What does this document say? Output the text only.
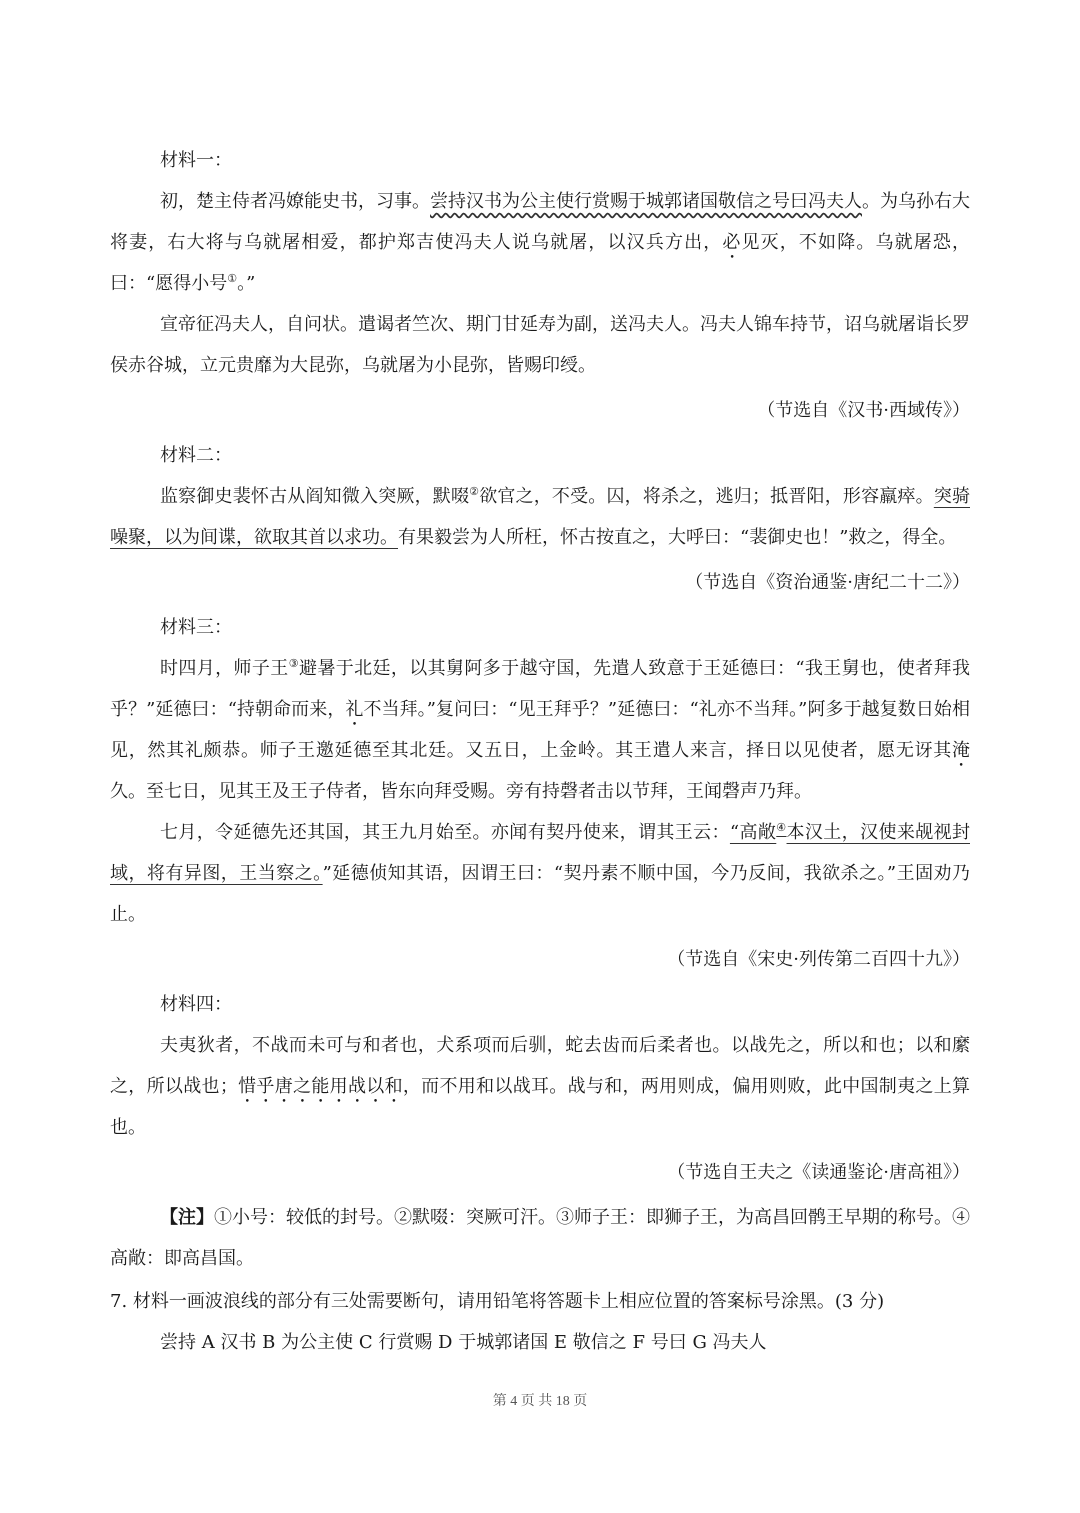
材料一：

初，楚主侍者冯嫽能史书，习事。尝持汉书为公主使行赏赐于城郭诸国敬信之号曰冯夫人。为乌孙右大将妻，右大将与乌就屠相爱，都护郑吉使冯夫人说乌就屠，以汉兵方出，必见灭，不如降。乌就屠恐，曰：“愿得小号①。”

宣帝征冯夫人，自问状。遣谒者竺次、期门甘延寿为副，送冯夫人。冯夫人锦车持节，诏乌就屠诣长罗侯赤谷城，立元贵靡为大昆弥，乌就屠为小昆弥，皆赐印绶。

（节选自《汉书·西域传》）
材料二：

监察御史裴怀古从阎知微入突厥，默啜②欲官之，不受。囚，将杀之，逃归；抵晋阳，形容羸瘁。突骑噪聚，以为间谍，欲取其首以求功。有果毅尝为人所枉，怀古按直之，大呼曰：“裴御史也！”救之，得全。

（节选自《资治通鉴·唐纪二十二》）
材料三：

时四月，师子王③避暑于北廷，以其舅阿多于越守国，先遣人致意于王延德曰：“我王舅也，使者拜我乎？”延德曰：“持朝命而来，礼不当拜。”复问曰：“见王拜乎？”延德曰：“礼亦不当拜。”阿多于越复数日始相见，然其礼颇恭。师子王邀延德至其北廷。又五日，上金岭。其王遣人来言，择日以见使者，愿无讶其淹久。至七日，见其王及王子侍者，皆东向拜受赐。旁有持磬者击以节拜，王闻磬声乃拜。

七月，令延德先还其国，其王九月始至。亦闻有契丹使来，谓其王云：“高敞④本汉土，汉使来觇视封域，将有异图，王当察之。”延德侦知其语，因谓王曰：“契丹素不顺中国，今乃反间，我欲杀之。”王固劝乃止。

（节选自《宋史·列传第二百四十九》）
材料四：

夫夷狄者，不战而未可与和者也，犬系项而后驯，蛇去齿而后柔者也。以战先之，所以和也；以和縻之，所以战也；惜乎唐之能用战以和，而不用和以战耳。战与和，两用则成，偏用则败，此中国制夷之上算也。

（节选自王夫之《读通鉴论·唐高祖》）

【注】①小号：较低的封号。②默啜：突厥可汗。③师子王：即狮子王，为高昌回鹘王早期的称号。④高敞：即高昌国。

7. 材料一画波浪线的部分有三处需要断句，请用铅笔将答题卡上相应位置的答案标号涂黑。(3 分)
尝持 A 汉书 B 为公主使 C 行赏赐 D 于城郭诸国 E 敬信之 F 号曰 G 冯夫人
第 4 页 共 18 页
